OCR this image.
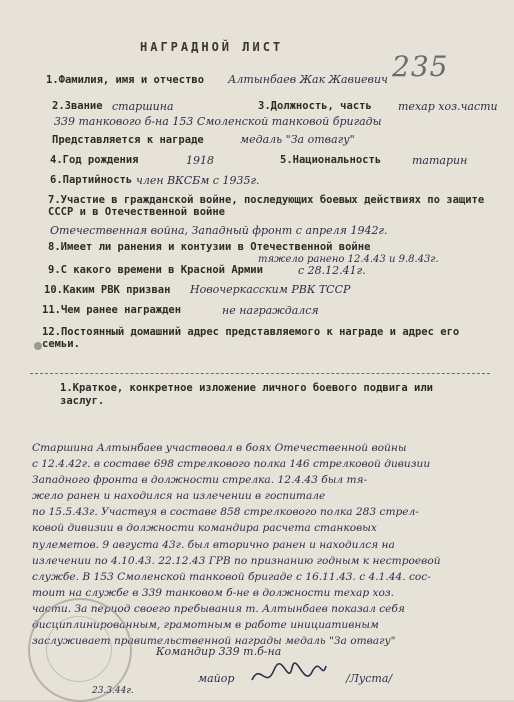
НАГРАДНОЙ ЛИСТ
235
1.Фамилия, имя и отчество Алтынбаев Жак Жавиевич
2.Звание старшина	3.Должность, часть техар хоз.части
339 танкового б-на 153 Смоленской танковой бригады
Представляется к награде	медаль "За отвагу"
4.Год рождения	1918	5.Национальность	татарин
6.Партийность член ВКСБм с 1935г.
7.Участие в гражданской войне, последующих боевых действиях по защите СССР и в Отечественной войне
Отечественная война, Западный фронт с апреля 1942г.
8.Имеет ли ранения и контузии в Отечественной войне
тяжело ранено 12.4.43 и 9.8.43г.
9.С какого времени в Красной Армии	с 28.12.41г.
10.Каким РВК призван Новочеркасским РВК ТССР
11.Чем ранее награжден	не награждался
12.Постоянный домашний адрес представляемого к награде и адрес его семьи.
1.Краткое, конкретное изложение личного боевого подвига или заслуг.
Старшина Алтынбаев участвовал в боях Отечественной войны
с 12.4.42г. в составе 698 стрелкового полка 146 стрелковой дивизии
Западного фронта в должности стрелка. 12.4.43 был тя-
жело ранен и находился на излечении в госпитале
по 15.5.43г. Участвуя в составе 858 стрелкового полка 283 стрел-
ковой дивизии в должности командира расчета станковых
пулеметов. 9 августа 43г. был вторично ранен и находился на
излечении по 4.10.43. 22.12.43 ГРВ по признанию годным к нестроевой
службе. В 153 Смоленской танковой бригаде с 16.11.43. с 4.1.44. сос-
тоит на службе в 339 танковом б-не в должности техар хоз.
части. За период своего пребывания т. Алтынбаев показал себя
дисциплинированным, грамотным в работе инициативным
заслуживает правительственной награды медаль "За отвагу"
23.3.44г.
Командир 339 т.б-на
майор	/Луста/
